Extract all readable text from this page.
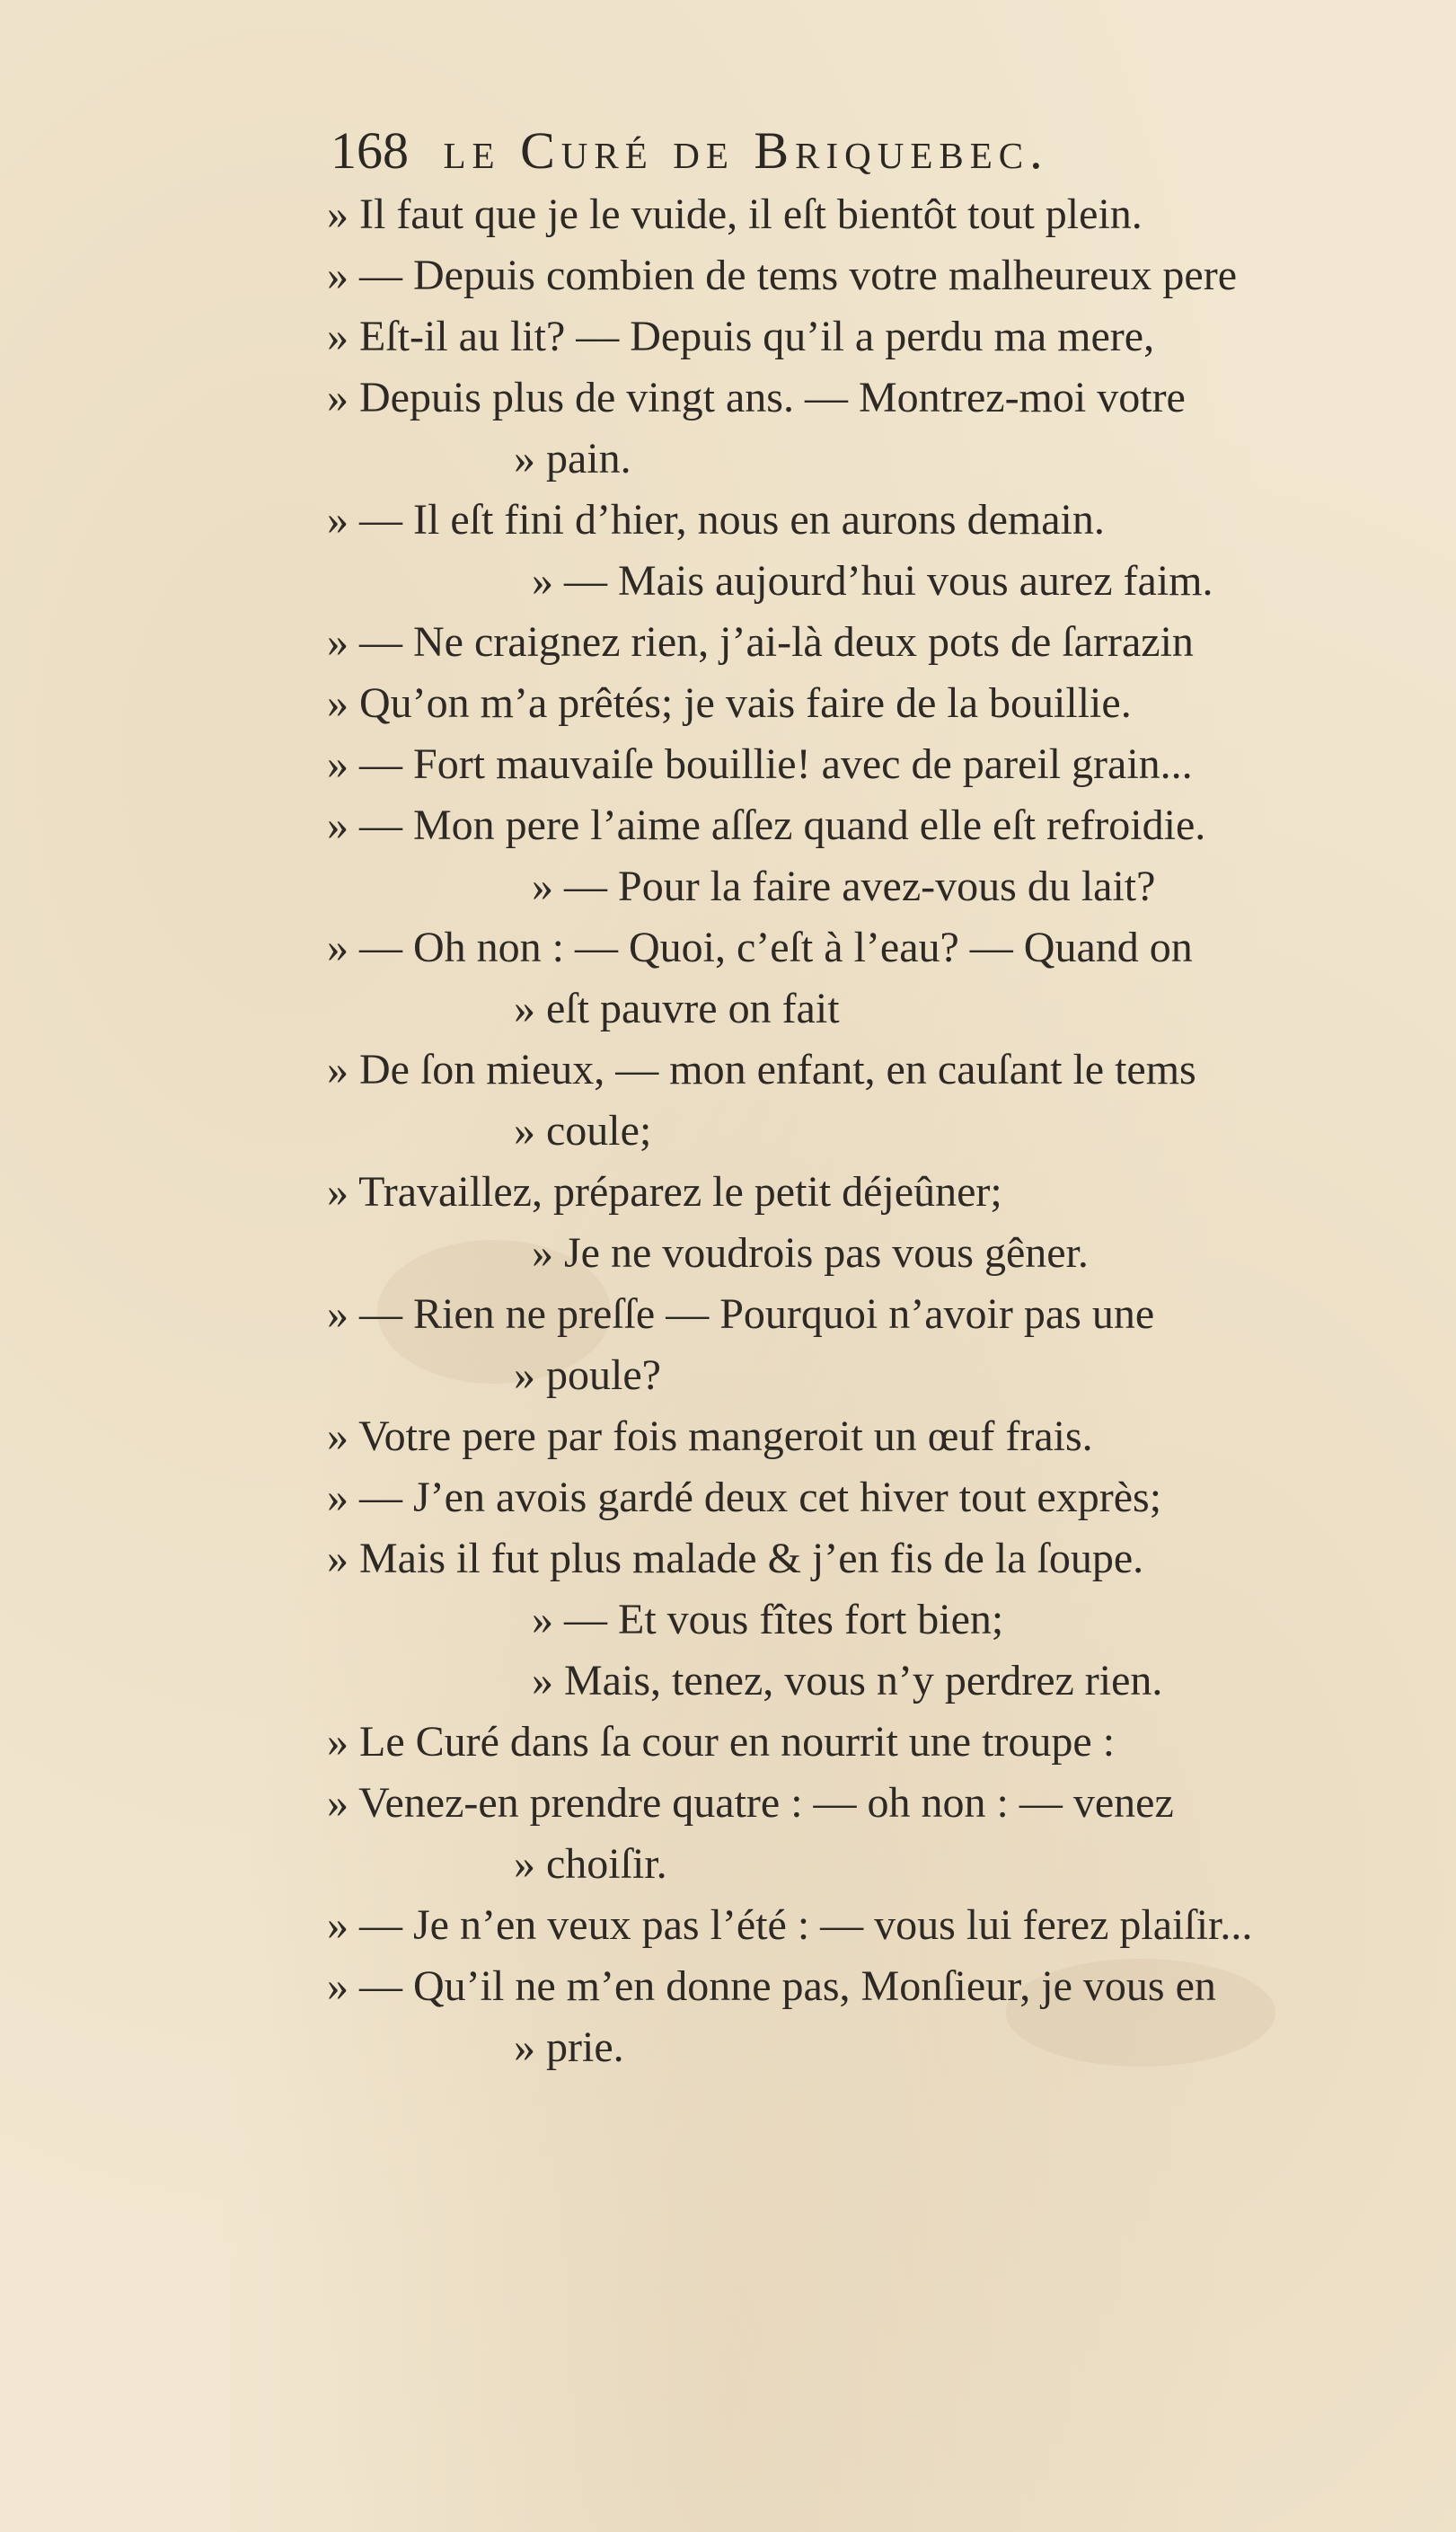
168 le Curé de Briquebec.
» Il faut que je le vuide, il eſt bientôt tout plein.
» — Depuis combien de tems votre malheureux pere
» Eſt-il au lit? — Depuis qu’il a perdu ma mere,
» Depuis plus de vingt ans. — Montrez-moi votre
» pain.
» — Il eſt fini d’hier, nous en aurons demain.
» — Mais aujourd’hui vous aurez faim.
» — Ne craignez rien, j’ai-là deux pots de ſarrazin
» Qu’on m’a prêtés; je vais faire de la bouillie.
» — Fort mauvaiſe bouillie! avec de pareil grain...
» — Mon pere l’aime aſſez quand elle eſt refroidie.
» — Pour la faire avez-vous du lait?
» — Oh non : — Quoi, c’eſt à l’eau? — Quand on
» eſt pauvre on fait
» De ſon mieux, — mon enfant, en cauſant le tems
» coule;
» Travaillez, préparez le petit déjeûner;
» Je ne voudrois pas vous gêner.
» — Rien ne preſſe — Pourquoi n’avoir pas une
» poule?
» Votre pere par fois mangeroit un œuf frais.
» — J’en avois gardé deux cet hiver tout exprès;
» Mais il fut plus malade & j’en fis de la ſoupe.
» — Et vous fîtes fort bien;
» Mais, tenez, vous n’y perdrez rien.
» Le Curé dans ſa cour en nourrit une troupe :
» Venez-en prendre quatre : — oh non : — venez
» choiſir.
» — Je n’en veux pas l’été : — vous lui ferez plaiſir...
» — Qu’il ne m’en donne pas, Monſieur, je vous en
» prie.
